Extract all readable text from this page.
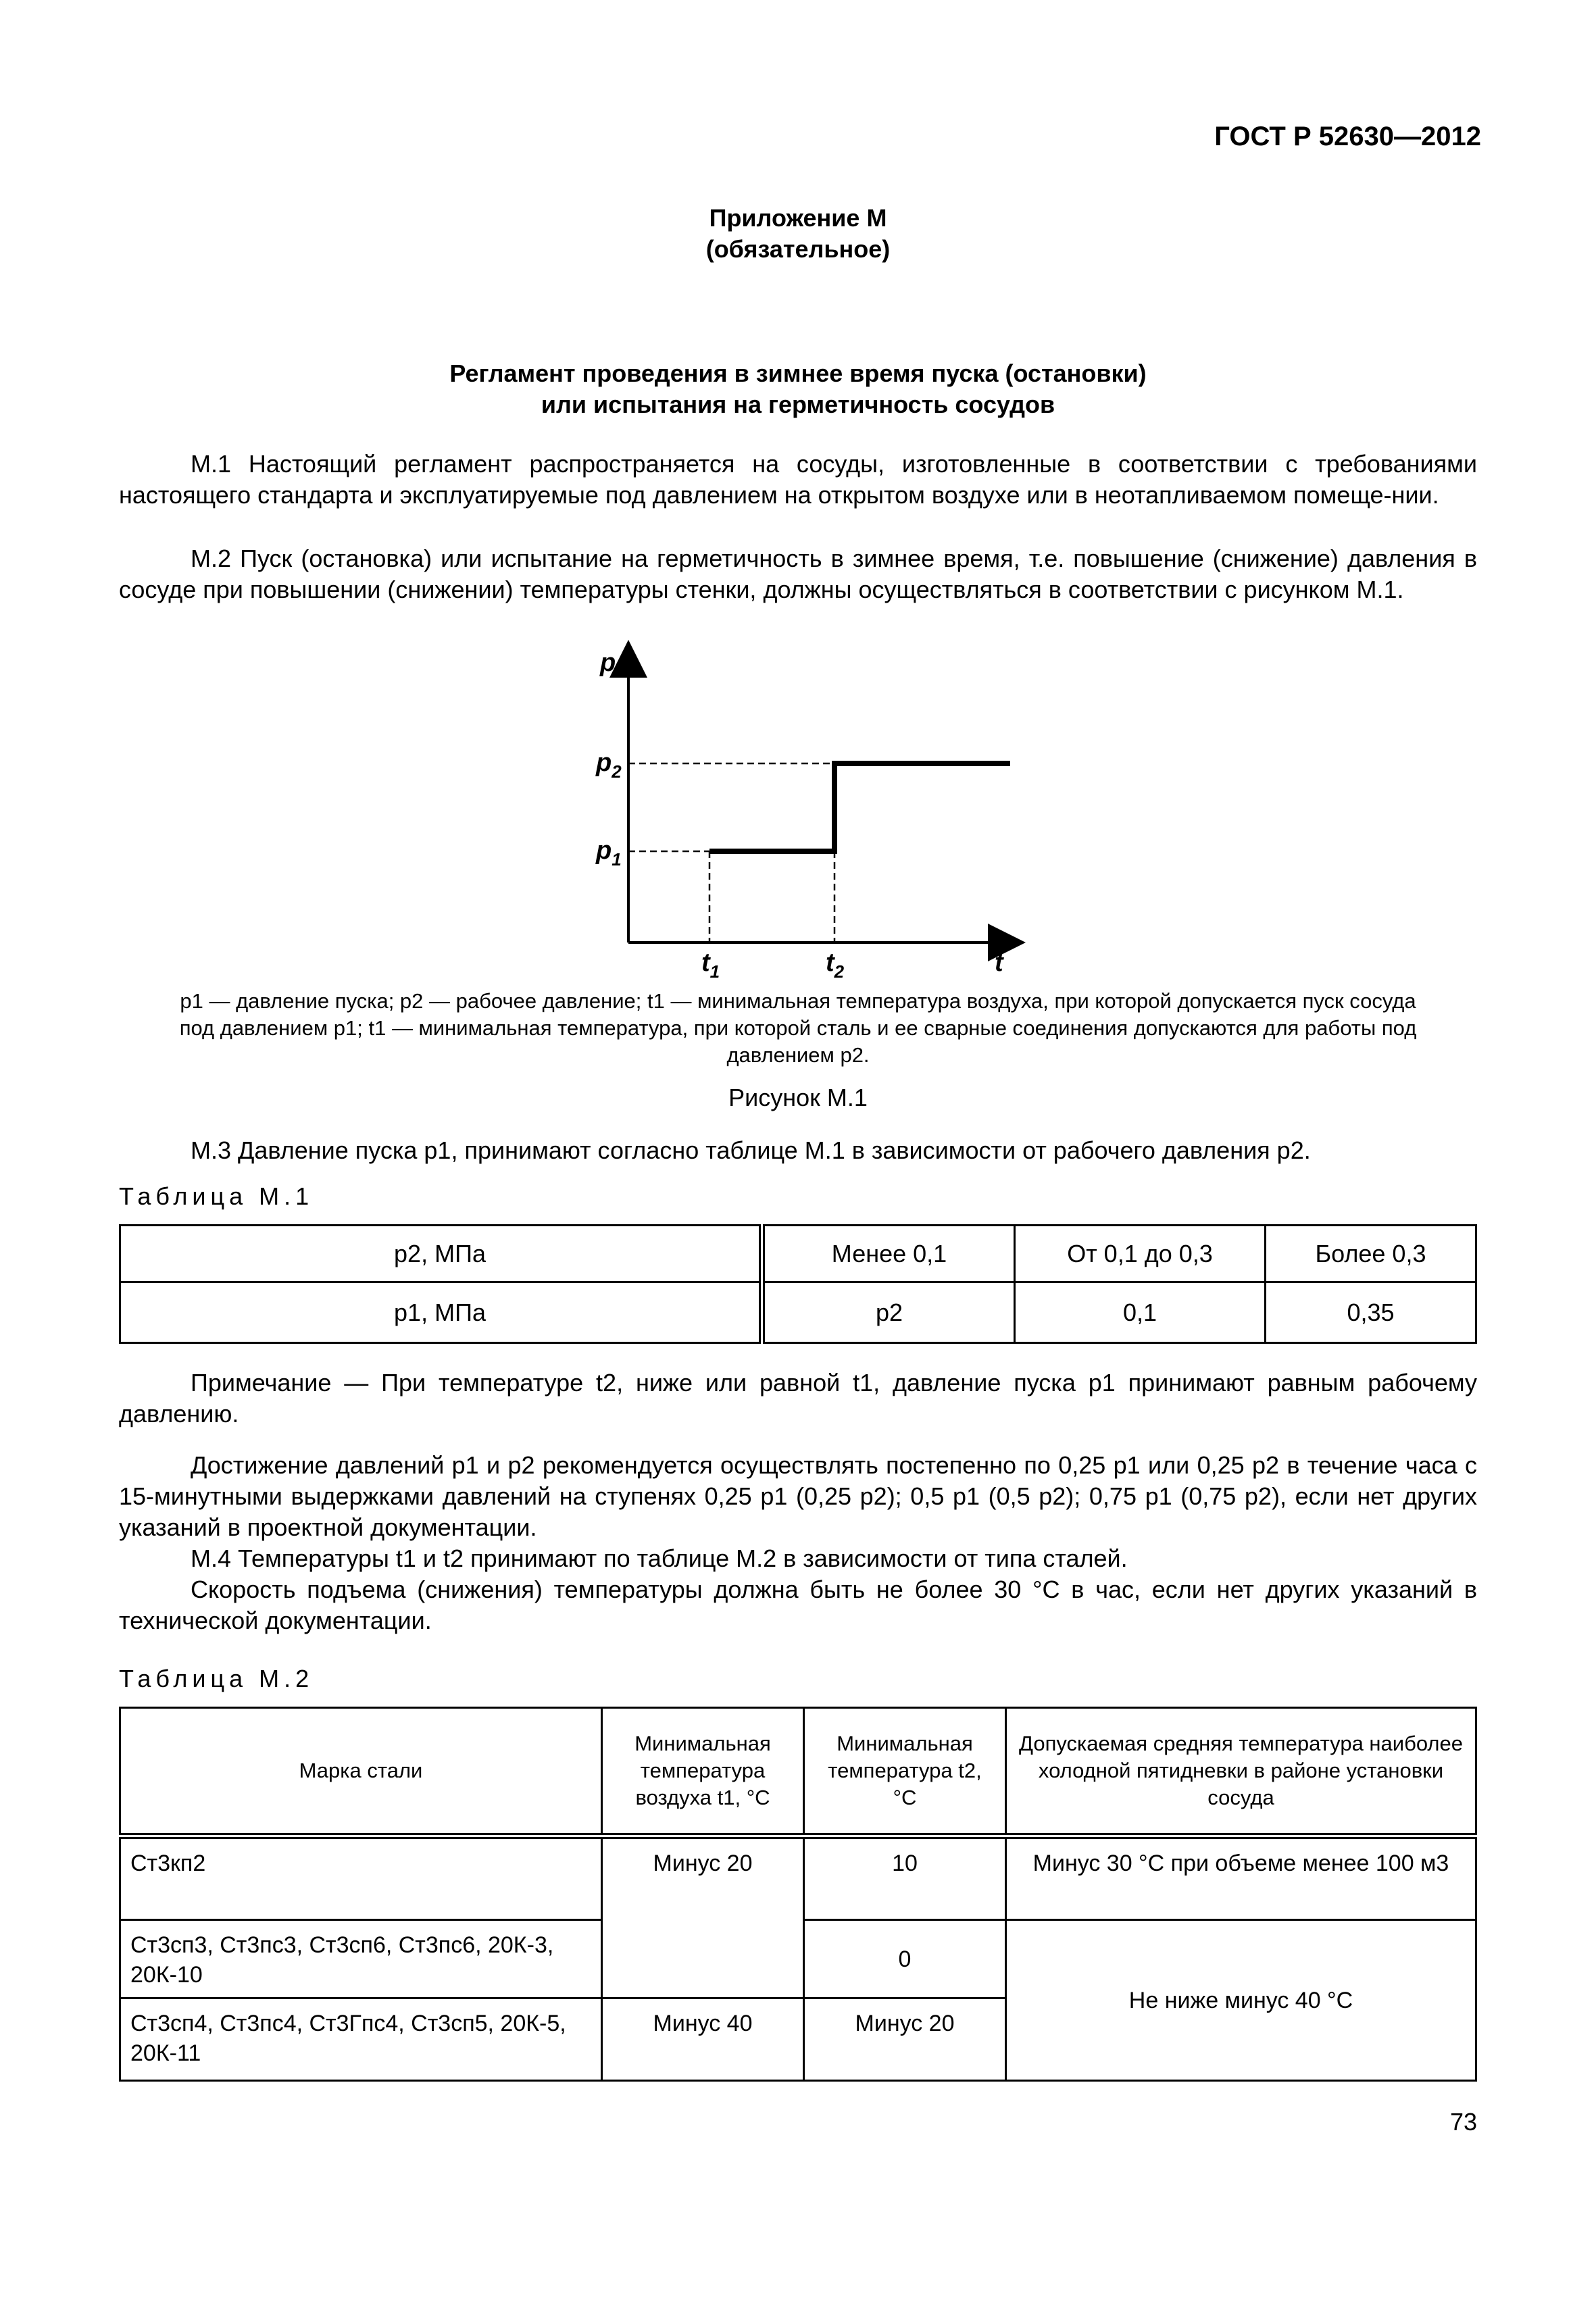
ГОСТ Р 52630—2012
Приложение М
(обязательное)
Регламент проведения в зимнее время пуска (остановки)
или испытания на герметичность сосудов

М.1 Настоящий регламент распространяется на сосуды, изготовленные в соответствии с требованиями настоящего стандарта и эксплуатируемые под давлением на открытом воздухе или в неотапливаемом помеще-нии.

М.2 Пуск (остановка) или испытание на герметичность в зимнее время, т.е. повышение (снижение) давления в сосуде при повышении (снижении) температуры стенки, должны осуществляться в соответствии с рисунком М.1.

p
$p_2$
$p_1$
$t_1$	$t_2$	t
p1 — давление пуска; p2 — рабочее давление; t1 — минимальная температура воздуха, при которой допускается пуск сосуда
под давлением p1; t1 — минимальная температура, при которой сталь и ее сварные соединения допускаются для работы под
давлением p2.
Рисунок М.1

М.3 Давление пуска p1, принимают согласно таблице М.1 в зависимости от рабочего давления p2.

Таблица М.1
p2, МПа	Менее 0,1	От 0,1 до 0,3	Более 0,3
p1, МПа	p2	0,1	0,35

Примечание — При температуре t2, ниже или равной t1, давление пуска p1 принимают равным рабочему давлению.

Достижение давлений p1 и p2 рекомендуется осуществлять постепенно по 0,25 p1 или 0,25 p2 в течение часа с 15-минутными выдержками давлений на ступенях 0,25 p1 (0,25 p2); 0,5 p1 (0,5 p2); 0,75 p1 (0,75 p2), если нет других указаний в проектной документации.

М.4 Температуры t1 и t2 принимают по таблице М.2 в зависимости от типа сталей.

Скорость подъема (снижения) температуры должна быть не более 30 °С в час, если нет других указаний в технической документации.

Таблица М.2
Марка стали	Минимальная температура воздуха t1, °С	Минимальная температура t2, °С	Допускаемая средняя температура наиболее холодной пятидневки в районе установки сосуда
Ст3кп2	Минус 20	10	Минус 30 °С при объеме менее 100 м3
Ст3сп3, Ст3пс3, Ст3сп6, Ст3пс6, 20К-3, 20К-10		0	Не ниже минус 40 °С
Ст3сп4, Ст3пс4, Ст3Гпс4, Ст3сп5, 20К-5, 20К-11	Минус 40	Минус 20	
73
